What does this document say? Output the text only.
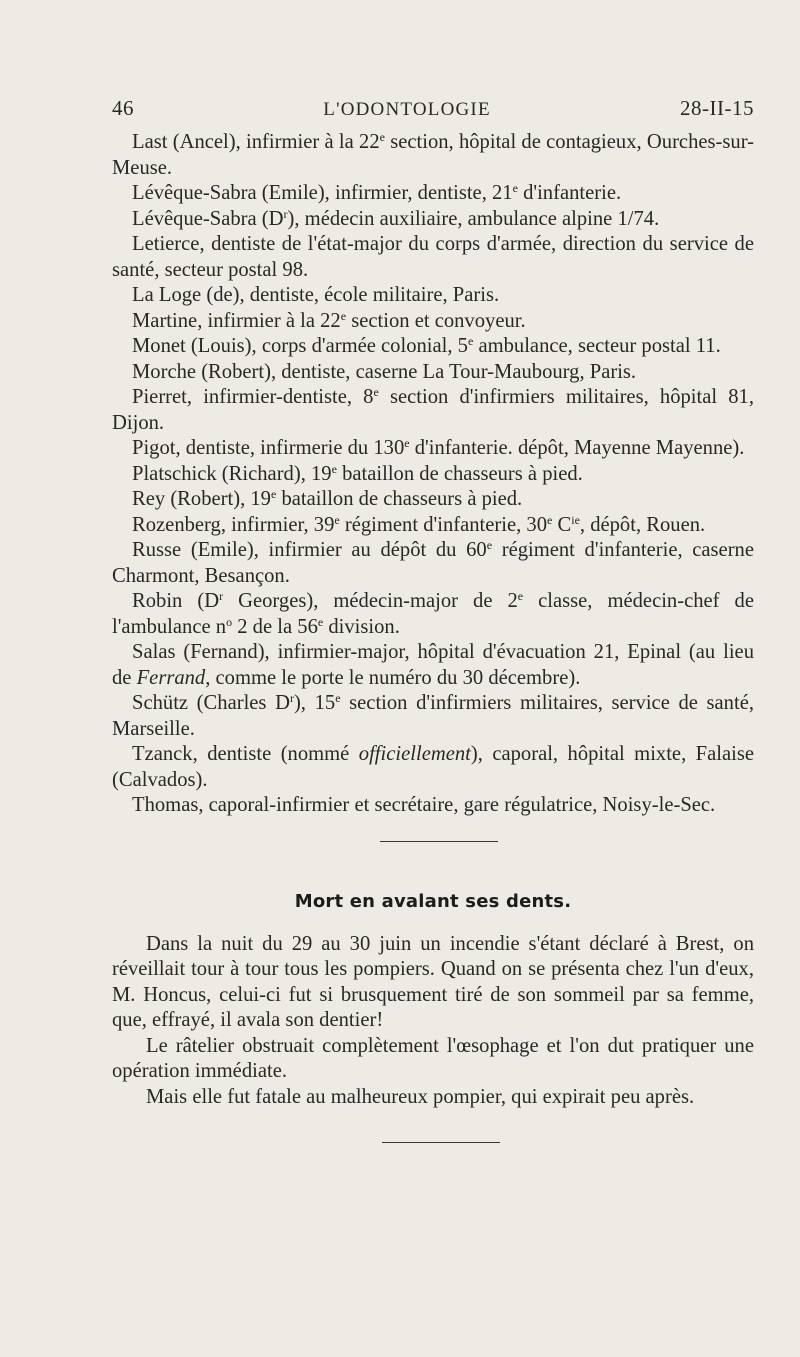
46	L'ODONTOLOGIE	28-II-15

Last (Ancel), infirmier à la 22e section, hôpital de contagieux, Ourches-sur-Meuse.

Lévêque-Sabra (Emile), infirmier, dentiste, 21e d'infanterie.

Lévêque-Sabra $(D^r)$, médecin auxiliaire, ambulance alpine 1/74.

Letierce, dentiste de l'état-major du corps d'armée, direction du service de santé, secteur postal 98.

La Loge (de), dentiste, école militaire, Paris.

Martine, infirmier à la 22e section et convoyeur.

Monet (Louis), corps d'armée colonial, 5e ambulance, secteur postal 11.

Morche (Robert), dentiste, caserne La Tour-Maubourg, Paris.

Pierret, infirmier-dentiste, 8e section d'infirmiers militaires, hôpital 81, Dijon.

Pigot, dentiste, infirmerie du 130e d'infanterie. dépôt, Mayenne Mayenne).

Platschick (Richard), 19e bataillon de chasseurs à pied.

Rey (Robert), 19e bataillon de chasseurs à pied.

Rozenberg, infirmier, 39e régiment d'infanterie, 30e $C^{ie}$, dépôt, Rouen.

Russe (Emile), infirmier au dépôt du 60e régiment d'infanterie, caserne Charmont, Besançon.

Robin ($D^r$ Georges), médecin-major de 2e classe, médecin-chef de l'ambulance $n^o$ 2 de la 56e division.

Salas (Fernand), infirmier-major, hôpital d'évacuation 21, Epinal (au lieu de Ferrand, comme le porte le numéro du 30 décembre).

Schütz (Charles $D^r$), 15e section d'infirmiers militaires, service de santé, Marseille.

Tzanck, dentiste (nommé officiellement), caporal, hôpital mixte, Falaise (Calvados).

Thomas, caporal-infirmier et secrétaire, gare régulatrice, Noisy-le-Sec.

Mort en avalant ses dents.

Dans la nuit du 29 au 30 juin un incendie s'étant déclaré à Brest, on réveillait tour à tour tous les pompiers. Quand on se présenta chez l'un d'eux, M. Honcus, celui-ci fut si brusquement tiré de son sommeil par sa femme, que, effrayé, il avala son dentier!

Le râtelier obstruait complètement l'œsophage et l'on dut pratiquer une opération immédiate.

Mais elle fut fatale au malheureux pompier, qui expirait peu après.
